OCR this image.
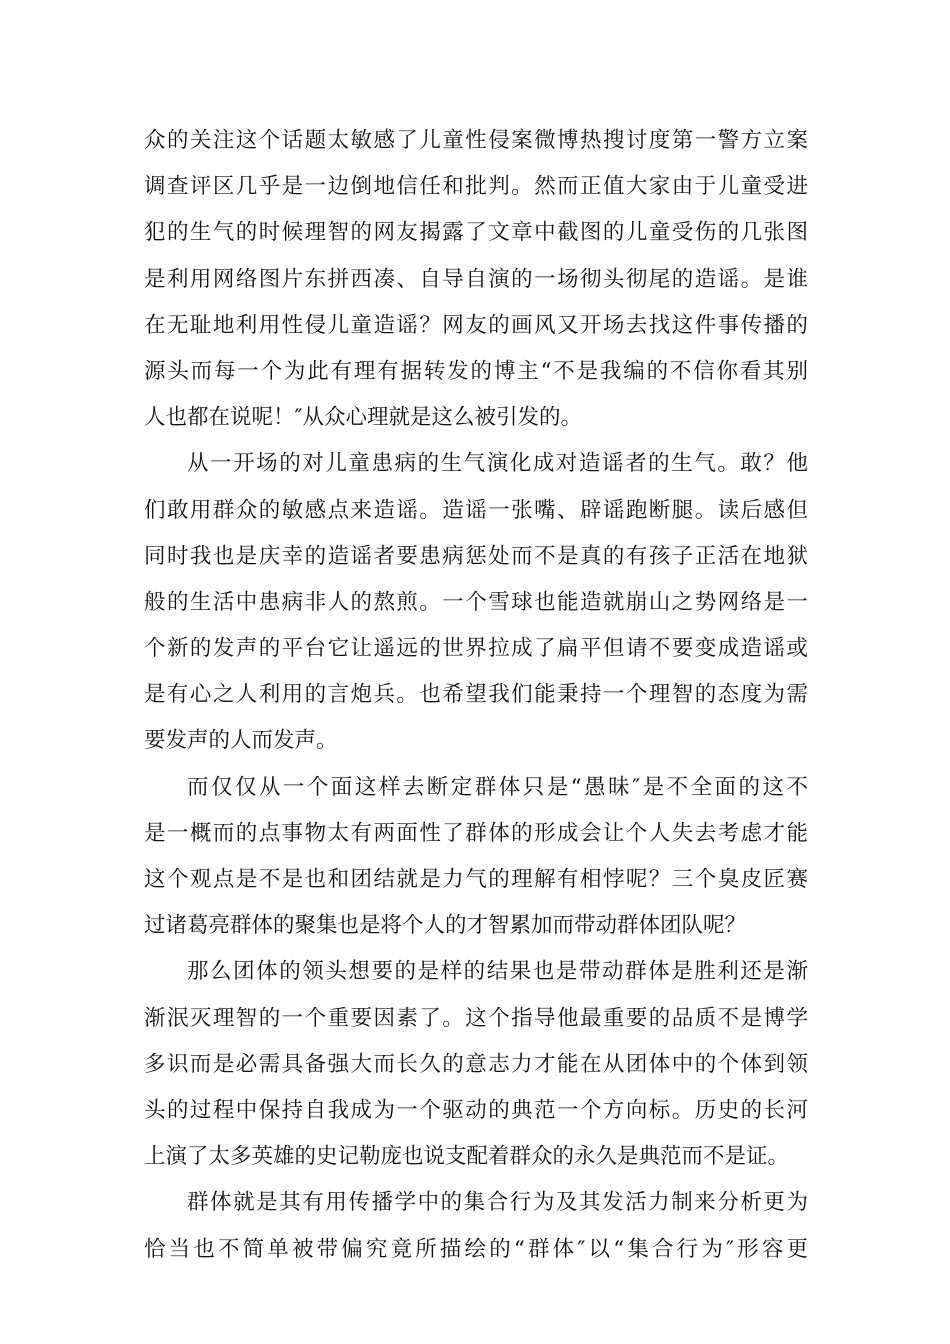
众的关注这个话题太敏感了儿童性侵案微博热搜讨度第一警方立案
调查评区几乎是一边倒地信任和批判。然而正值大家由于儿童受进
犯的生气的时候理智的网友揭露了文章中截图的儿童受伤的几张图
是利用网络图片东拼西凑、自导自演的一场彻头彻尾的造谣。是谁
在无耻地利用性侵儿童造谣？网友的画风又开场去找这件事传播的
源头而每一个为此有理有据转发的博主“不是我编的不信你看其别
人也都在说呢！″从众心理就是这么被引发的。
从一开场的对儿童患病的生气演化成对造谣者的生气。敢？他
们敢用群众的敏感点来造谣。造谣一张嘴、辟谣跑断腿。读后感但
同时我也是庆幸的造谣者要患病惩处而不是真的有孩子正活在地狱
般的生活中患病非人的熬煎。一个雪球也能造就崩山之势网络是一
个新的发声的平台它让遥远的世界拉成了扁平但请不要变成造谣或
是有心之人利用的言炮兵。也希望我们能秉持一个理智的态度为需
要发声的人而发声。
而仅仅从一个面这样去断定群体只是“愚昧″是不全面的这不
是一概而的点事物太有两面性了群体的形成会让个人失去考虑才能
这个观点是不是也和团结就是力气的理解有相悖呢？三个臭皮匠赛
过诸葛亮群体的聚集也是将个人的才智累加而带动群体团队呢？
那么团体的领头想要的是样的结果也是带动群体是胜利还是渐
渐泯灭理智的一个重要因素了。这个指导他最重要的品质不是博学
多识而是必需具备强大而长久的意志力才能在从团体中的个体到领
头的过程中保持自我成为一个驱动的典范一个方向标。历史的长河
上演了太多英雄的史记勒庞也说支配着群众的永久是典范而不是证。
群体就是其有用传播学中的集合行为及其发活力制来分析更为
恰当也不简单被带偏究竟所描绘的“群体″以“集合行为″形容更
